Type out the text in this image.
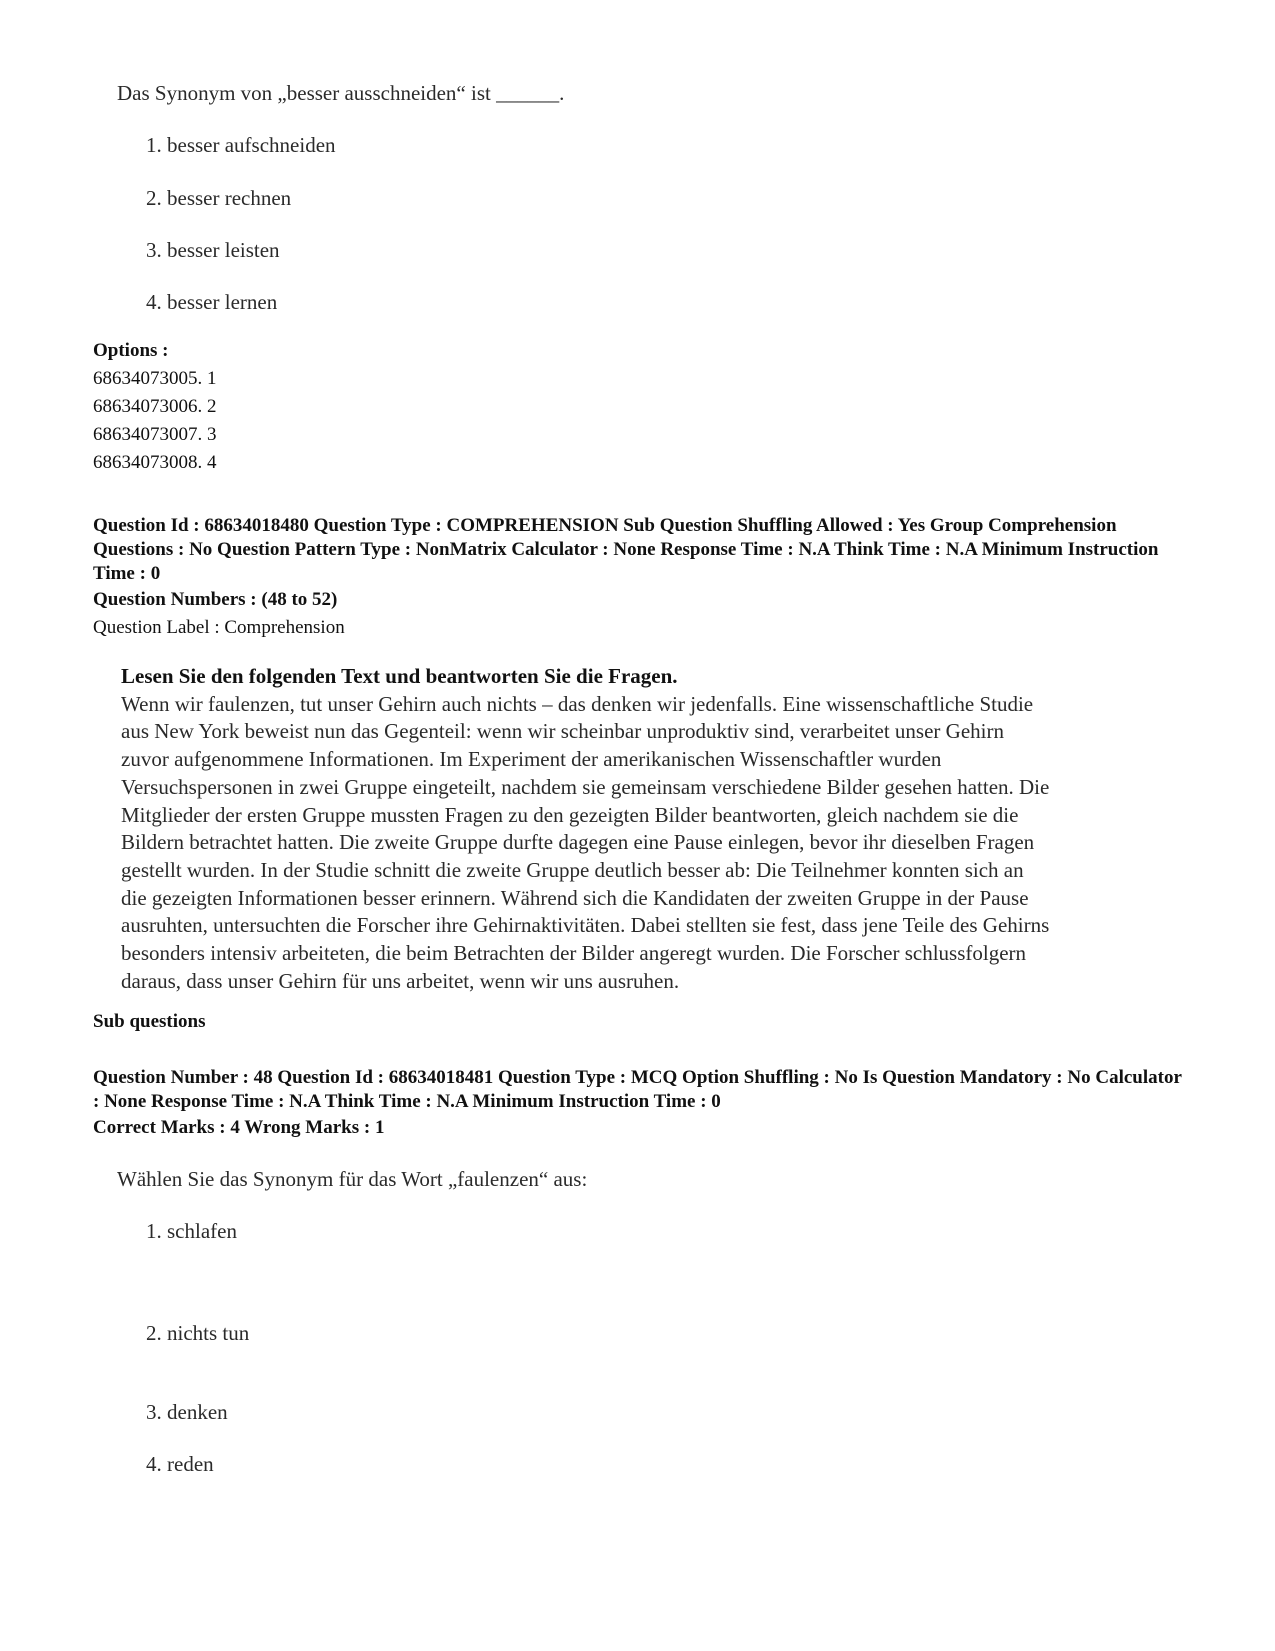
Das Synonym von „besser ausschneiden“ ist ______.
1. besser aufschneiden
2. besser rechnen
3. besser leisten
4. besser lernen
Options :
68634073005. 1
68634073006. 2
68634073007. 3
68634073008. 4
Question Id : 68634018480 Question Type : COMPREHENSION Sub Question Shuffling Allowed : Yes Group Comprehension Questions : No Question Pattern Type : NonMatrix Calculator : None Response Time : N.A Think Time : N.A Minimum Instruction Time : 0
Question Numbers : (48 to 52)
Question Label : Comprehension
Lesen Sie den folgenden Text und beantworten Sie die Fragen.
Wenn wir faulenzen, tut unser Gehirn auch nichts – das denken wir jedenfalls. Eine wissenschaftliche Studie
aus New York beweist nun das Gegenteil: wenn wir scheinbar unproduktiv sind, verarbeitet unser Gehirn
zuvor aufgenommene Informationen. Im Experiment der amerikanischen Wissenschaftler wurden
Versuchspersonen in zwei Gruppe eingeteilt, nachdem sie gemeinsam verschiedene Bilder gesehen hatten. Die
Mitglieder der ersten Gruppe mussten Fragen zu den gezeigten Bilder beantworten, gleich nachdem sie die
Bildern betrachtet hatten. Die zweite Gruppe durfte dagegen eine Pause einlegen, bevor ihr dieselben Fragen
gestellt wurden. In der Studie schnitt die zweite Gruppe deutlich besser ab: Die Teilnehmer konnten sich an
die gezeigten Informationen besser erinnern. Während sich die Kandidaten der zweiten Gruppe in der Pause
ausruhten, untersuchten die Forscher ihre Gehirnaktivitäten. Dabei stellten sie fest, dass jene Teile des Gehirns
besonders intensiv arbeiteten, die beim Betrachten der Bilder angeregt wurden. Die Forscher schlussfolgern
daraus, dass unser Gehirn für uns arbeitet, wenn wir uns ausruhen.
Sub questions
Question Number : 48 Question Id : 68634018481 Question Type : MCQ Option Shuffling : No Is Question Mandatory : No Calculator : None Response Time : N.A Think Time : N.A Minimum Instruction Time : 0
Correct Marks : 4 Wrong Marks : 1
Wählen Sie das Synonym für das Wort „faulenzen“ aus:
1. schlafen
2. nichts tun
3. denken
4. reden
